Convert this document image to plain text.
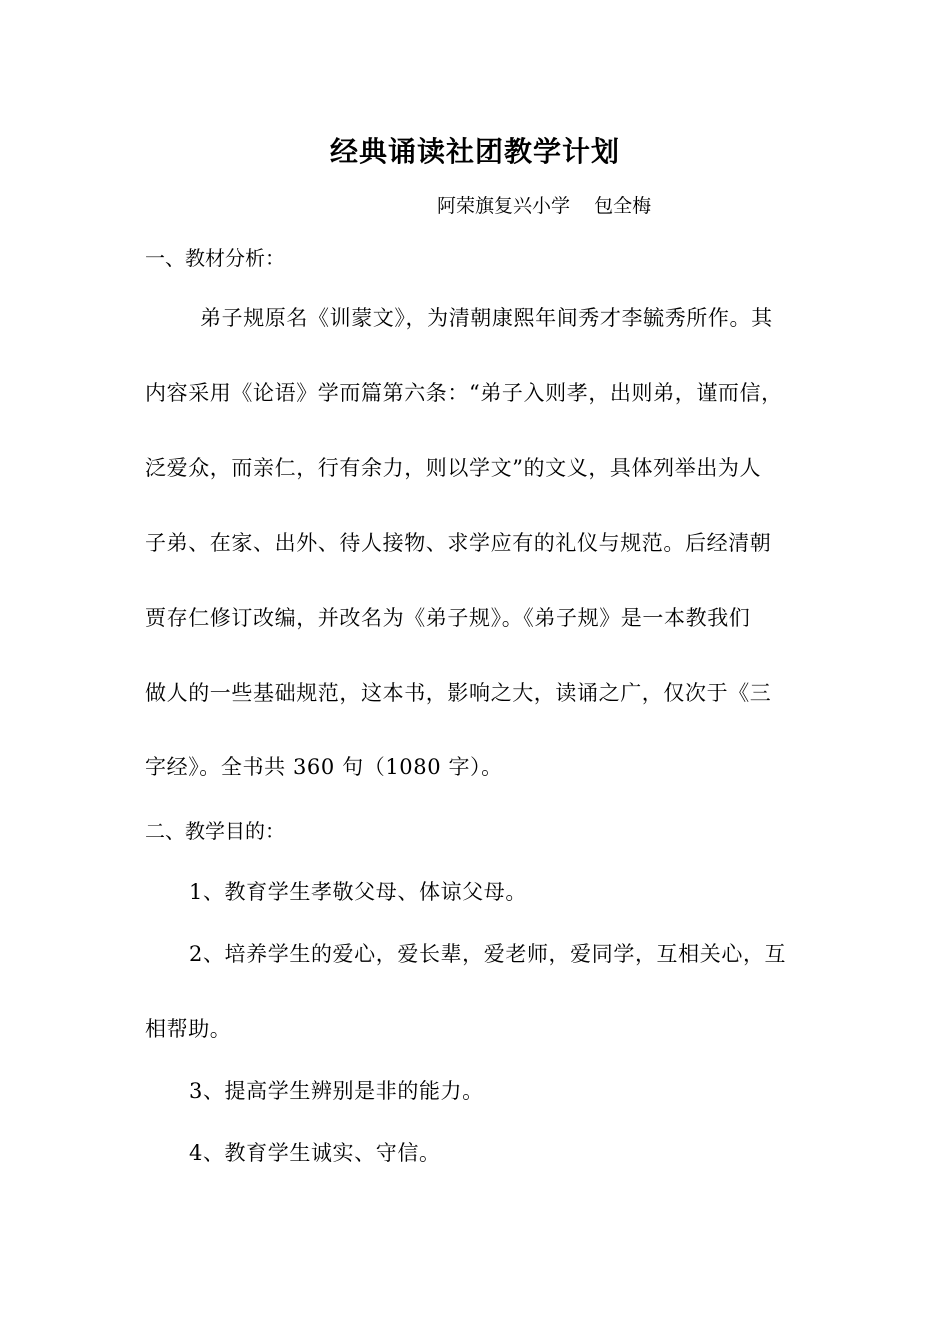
经典诵读社团教学计划
阿荣旗复兴小学    包全梅
一、教材分析：
弟子规原名《训蒙文》，为清朝康熙年间秀才李毓秀所作。其
内容采用《论语》学而篇第六条：“弟子入则孝，出则弟，谨而信，
泛爱众，而亲仁，行有余力，则以学文”的文义，具体列举出为人
子弟、在家、出外、待人接物、求学应有的礼仪与规范。后经清朝
贾存仁修订改编，并改名为《弟子规》。《弟子规》是一本教我们
做人的一些基础规范，这本书，影响之大，读诵之广，仅次于《三
字经》。全书共 360 句（1080 字）。
二、教学目的：
1、教育学生孝敬父母、体谅父母。
2、培养学生的爱心，爱长辈，爱老师，爱同学，互相关心，互
相帮助。
3、提高学生辨别是非的能力。
4、教育学生诚实、守信。
